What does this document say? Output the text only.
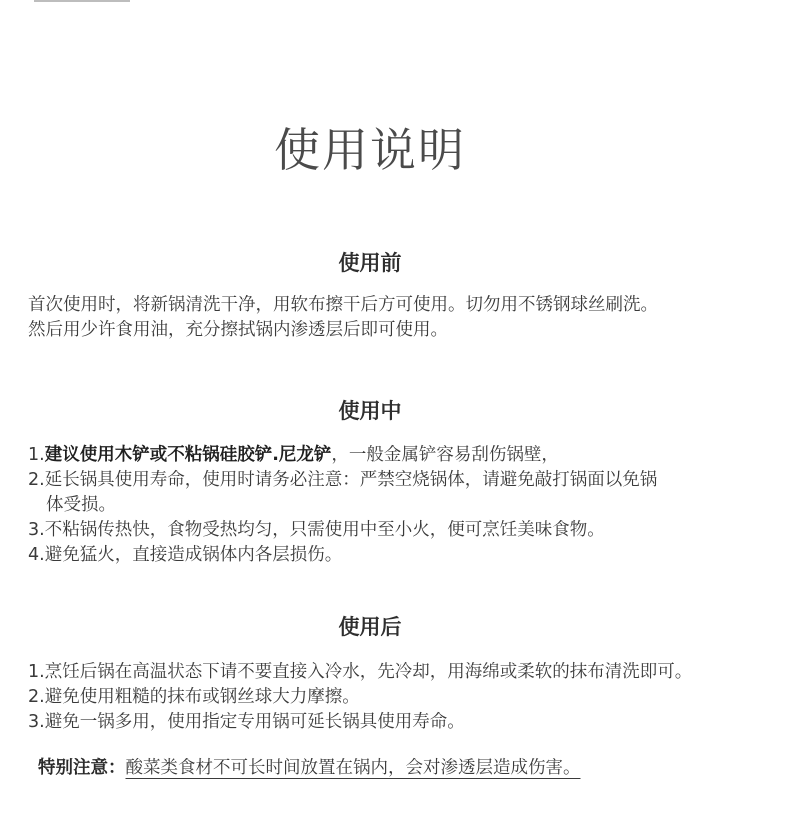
使用说明
使用前
首次使用时，将新锅清洗干净，用软布擦干后方可使用。切勿用不锈钢球丝刷洗。
然后用少许食用油，充分擦拭锅内渗透层后即可使用。
使用中
1.建议使用木铲或不粘锅硅胶铲.尼龙铲，一般金属铲容易刮伤锅壁，
2.延长锅具使用寿命，使用时请务必注意：严禁空烧锅体，请避免敲打锅面以免锅
体受损。
3.不粘锅传热快，食物受热均匀，只需使用中至小火，便可烹饪美味食物。
4.避免猛火，直接造成锅体内各层损伤。
使用后
1.烹饪后锅在高温状态下请不要直接入冷水，先冷却，用海绵或柔软的抹布清洗即可。
2.避免使用粗糙的抹布或钢丝球大力摩擦。
3.避免一锅多用，使用指定专用锅可延长锅具使用寿命。
特别注意：酸菜类食材不可长时间放置在锅内，会对渗透层造成伤害。
